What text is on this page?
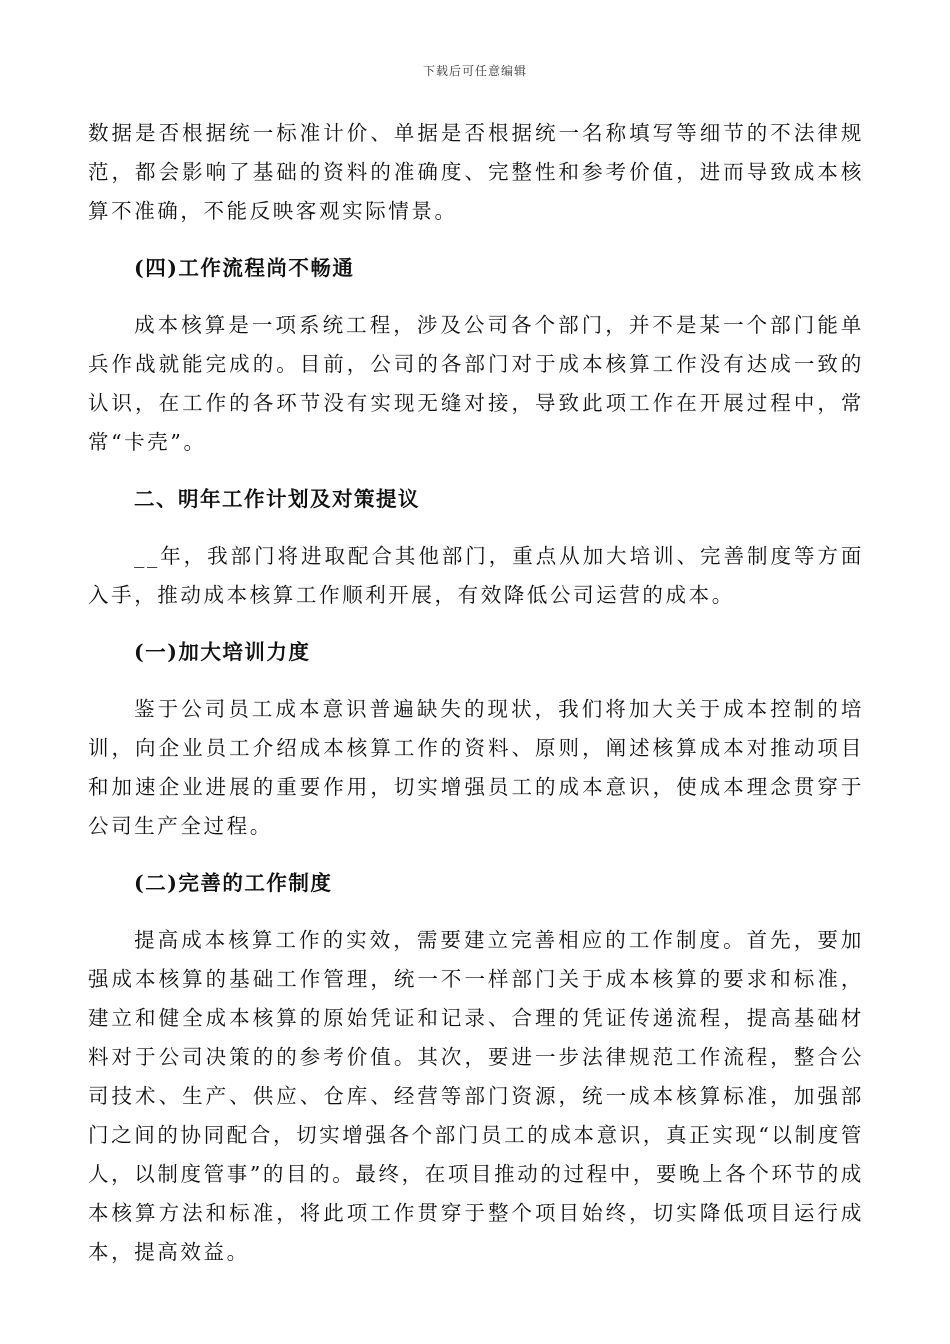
下载后可任意编辑

数据是否根据统一标准计价、单据是否根据统一名称填写等细节的不法律规范，都会影响了基础的资料的准确度、完整性和参考价值，进而导致成本核算不准确，不能反映客观实际情景。

(四)工作流程尚不畅通

成本核算是一项系统工程，涉及公司各个部门，并不是某一个部门能单兵作战就能完成的。目前，公司的各部门对于成本核算工作没有达成一致的认识，在工作的各环节没有实现无缝对接，导致此项工作在开展过程中，常常“卡壳”。

二、明年工作计划及对策提议

__年，我部门将进取配合其他部门，重点从加大培训、完善制度等方面入手，推动成本核算工作顺利开展，有效降低公司运营的成本。

(一)加大培训力度

鉴于公司员工成本意识普遍缺失的现状，我们将加大关于成本控制的培训，向企业员工介绍成本核算工作的资料、原则，阐述核算成本对推动项目和加速企业进展的重要作用，切实增强员工的成本意识，使成本理念贯穿于公司生产全过程。

(二)完善的工作制度

提高成本核算工作的实效，需要建立完善相应的工作制度。首先，要加强成本核算的基础工作管理，统一不一样部门关于成本核算的要求和标准，建立和健全成本核算的原始凭证和记录、合理的凭证传递流程，提高基础材料对于公司决策的的参考价值。其次，要进一步法律规范工作流程，整合公司技术、生产、供应、仓库、经营等部门资源，统一成本核算标准，加强部门之间的协同配合，切实增强各个部门员工的成本意识，真正实现“以制度管人，以制度管事”的目的。最终，在项目推动的过程中，要晚上各个环节的成本核算方法和标准，将此项工作贯穿于整个项目始终，切实降低项目运行成本，提高效益。
